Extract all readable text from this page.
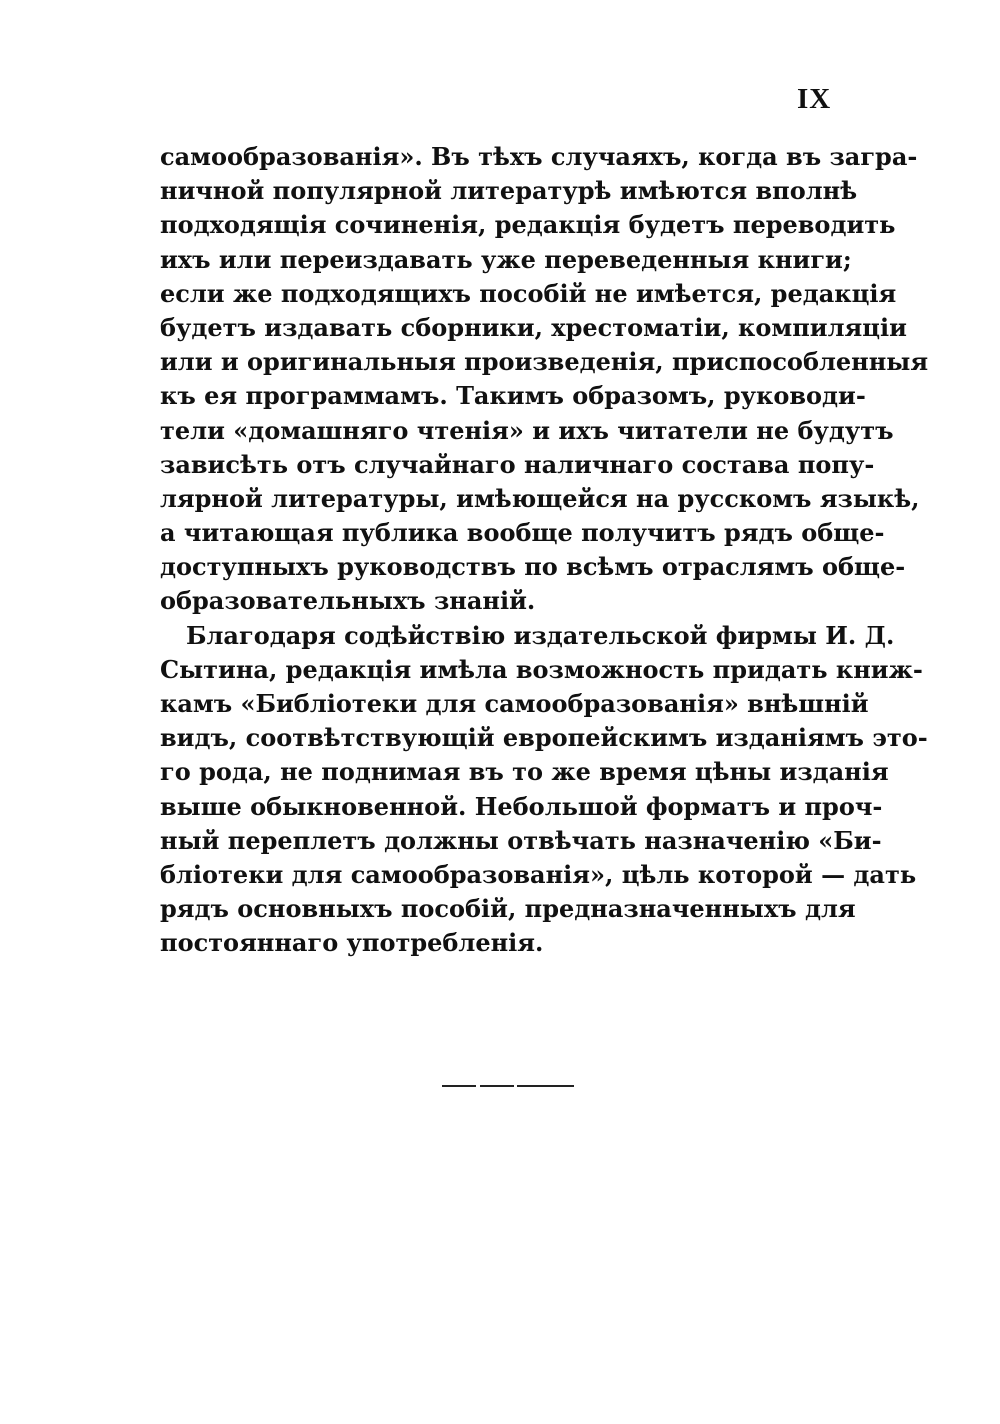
IX
самообразованія». Въ тѣхъ случаяхъ, когда въ загра-
ничной популярной литературѣ имѣются вполнѣ
подходящія сочиненія, редакція будетъ переводить
ихъ или переиздавать уже переведенныя книги;
если же подходящихъ пособій не имѣется, редакція
будетъ издавать сборники, хрестоматіи, компиляціи
или и оригинальныя произведенія, приспособленныя
къ ея программамъ. Такимъ образомъ, руководи-
тели «домашняго чтенія» и ихъ читатели не будутъ
зависѣть отъ случайнаго наличнаго состава попу-
лярной литературы, имѣющейся на русскомъ языкѣ,
а читающая публика вообще получитъ рядъ обще-
доступныхъ руководствъ по всѣмъ отраслямъ обще-
образовательныхъ знаній.
Благодаря содѣйствію издательской фирмы И. Д.
Сытина, редакція имѣла возможность придать книж-
камъ «Библіотеки для самообразованія» внѣшній
видъ, соотвѣтствующій европейскимъ изданіямъ это-
го рода, не поднимая въ то же время цѣны изданія
выше обыкновенной. Небольшой форматъ и проч-
ный переплетъ должны отвѣчать назначенію «Би-
бліотеки для самообразованія», цѣль которой — дать
рядъ основныхъ пособій, предназначенныхъ для
постояннаго употребленія.
